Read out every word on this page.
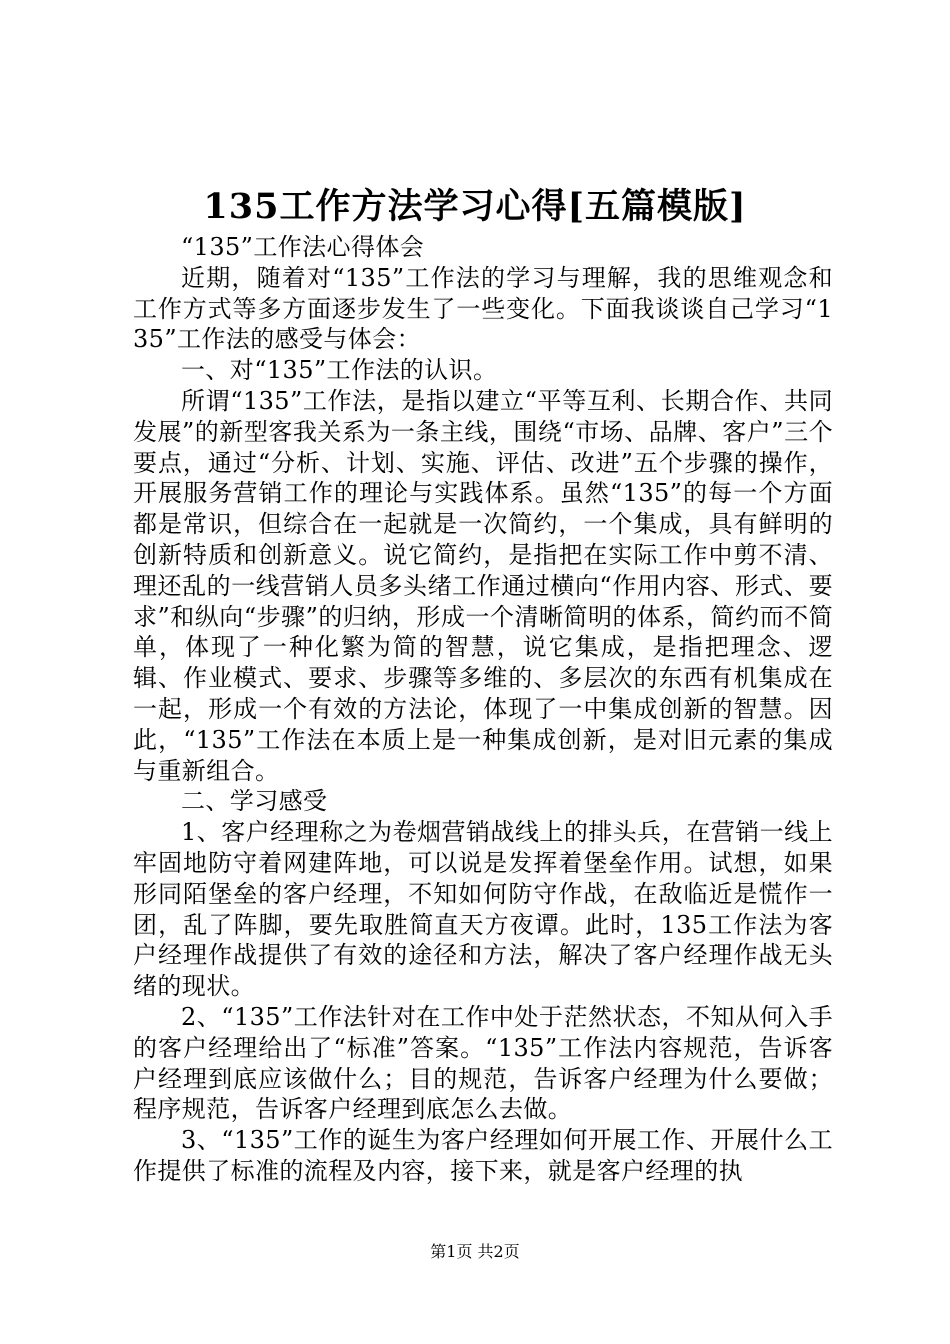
135工作方法学习心得[五篇模版]

“135”工作法心得体会

近期，随着对“135”工作法的学习与理解，我的思维观念和工作方式等多方面逐步发生了一些变化。下面我谈谈自己学习“135”工作法的感受与体会：

一、对“135”工作法的认识。

所谓“135”工作法，是指以建立“平等互利、长期合作、共同发展”的新型客我关系为一条主线，围绕“市场、品牌、客户”三个要点，通过“分析、计划、实施、评估、改进”五个步骤的操作，开展服务营销工作的理论与实践体系。虽然“135”的每一个方面都是常识，但综合在一起就是一次简约，一个集成，具有鲜明的创新特质和创新意义。说它简约，是指把在实际工作中剪不清、理还乱的一线营销人员多头绪工作通过横向“作用内容、形式、要求”和纵向“步骤”的归纳，形成一个清晰简明的体系，简约而不简单，体现了一种化繁为简的智慧，说它集成，是指把理念、逻辑、作业模式、要求、步骤等多维的、多层次的东西有机集成在一起，形成一个有效的方法论，体现了一中集成创新的智慧。因此，“135”工作法在本质上是一种集成创新，是对旧元素的集成与重新组合。

二、学习感受

1、客户经理称之为卷烟营销战线上的排头兵，在营销一线上牢固地防守着网建阵地，可以说是发挥着堡垒作用。试想，如果形同陌堡垒的客户经理，不知如何防守作战，在敌临近是慌作一团，乱了阵脚，要先取胜简直天方夜谭。此时，135工作法为客户经理作战提供了有效的途径和方法，解决了客户经理作战无头绪的现状。

2、“135”工作法针对在工作中处于茫然状态，不知从何入手的客户经理给出了“标准”答案。“135”工作法内容规范，告诉客户经理到底应该做什么；目的规范，告诉客户经理为什么要做；程序规范，告诉客户经理到底怎么去做。

3、“135”工作的诞生为客户经理如何开展工作、开展什么工作提供了标准的流程及内容，接下来，就是客户经理的执

第1页 共2页
